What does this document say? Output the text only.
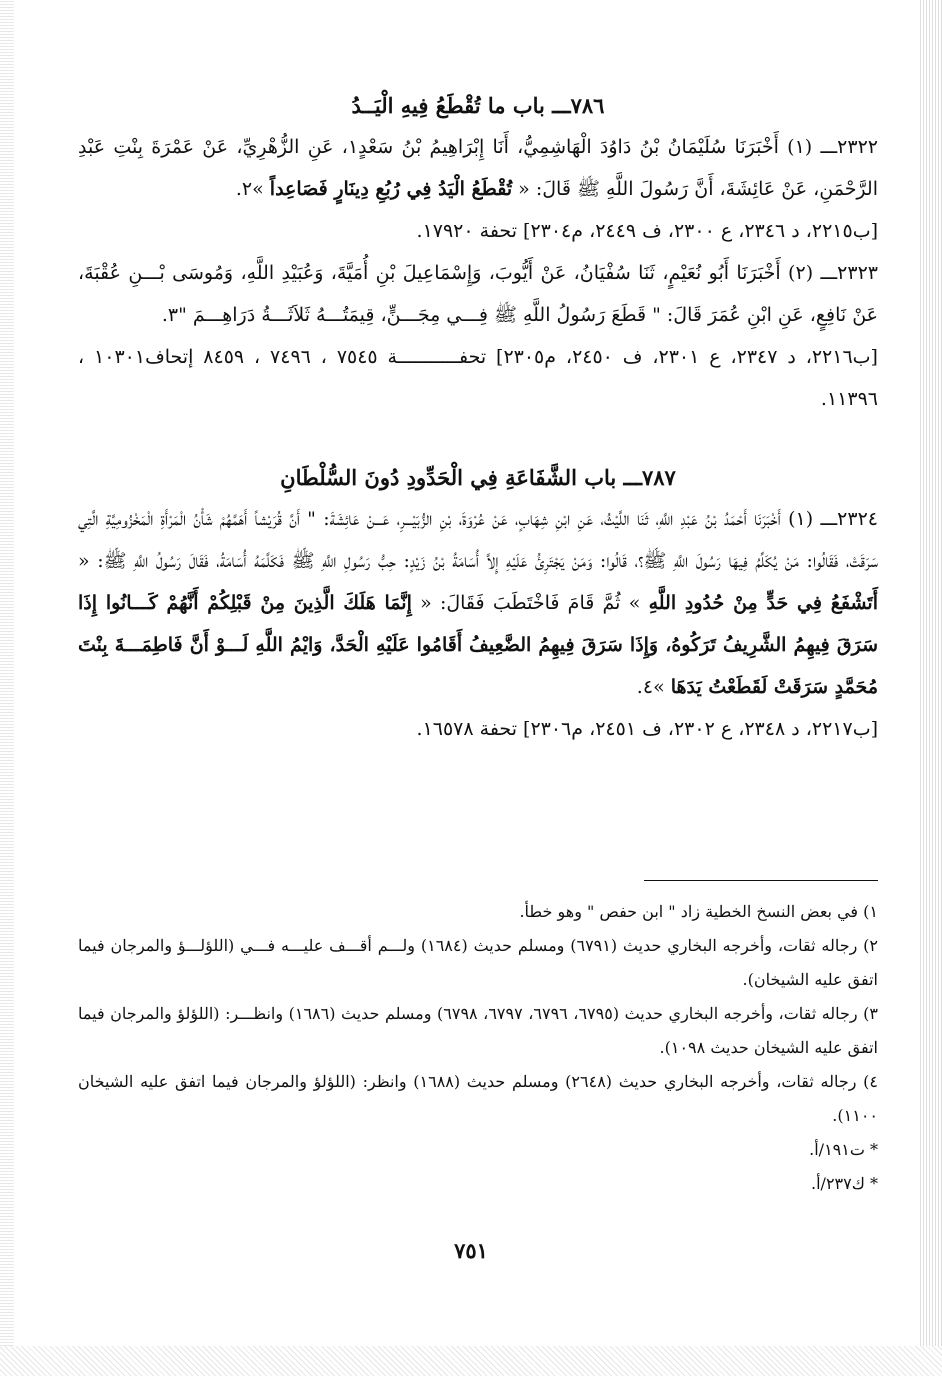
٧٨٦ـــ باب ما تُقْطَعُ فِيهِ الْيَــدُ

٢٣٢٢ـــ (١) أَخْبَرَنَا سُلَيْمَانُ بْنُ دَاوُدَ الْهَاشِمِيُّ، أَنَا إِبْرَاهِيمُ بْنُ سَعْدٍ١، عَنِ الزُّهْرِيِّ، عَنْ عَمْرَةَ بِنْتِ عَبْدِ الرَّحْمَنِ، عَنْ عَائِشَةَ، أَنَّ رَسُولَ اللَّهِ ﷺ قَالَ: « تُقْطَعُ الْيَدُ فِي رُبُعِ دِينَارٍ فَصَاعِداً »٢.

[ب٢٢١٥، د ٢٣٤٦، ع ٢٣٠٠، ف ٢٤٤٩، م٢٣٠٤] تحفة ١٧٩٢٠.

٢٣٢٣ـــ (٢) أَخْبَرَنَا أَبُو نُعَيْمٍ، ثَنَا سُفْيَانُ، عَنْ أَيُّوبَ، وَإِسْمَاعِيلَ بْنِ أُمَيَّةَ، وَعُبَيْدِ اللَّهِ، وَمُوسَى بْـــنِ عُقْبَةَ، عَنْ نَافِعٍ، عَنِ ابْنِ عُمَرَ قَالَ: " قَطَعَ رَسُولُ اللَّهِ ﷺ فِـــي مِجَـــنٍّ، قِيمَتُـــهُ ثَلاَثَـــةُ دَرَاهِـــمَ "٣.

[ب٢٢١٦، د ٢٣٤٧، ع ٢٣٠١، ف ٢٤٥٠، م٢٣٠٥] تحفـــــــــــة ٧٥٤٥ ، ٧٤٩٦ ، ٨٤٥٩ إتحاف١٠٣٠١ ، ١١٣٩٦.

٧٨٧ـــ باب الشَّفَاعَةِ فِي الْحَدِّودِ دُونَ السُّلْطَانِ

٢٣٢٤ـــ (١) أَخْبَرَنَا أَحْمَدُ بْنُ عَبْدِ اللَّهِ، ثَنَا اللَّيْثُ، عَنِ ابْنِ شِهَابٍ، عَنْ عُرْوَةَ، بْنِ الزُّبَيْـــرِ، عَـــنْ عَائِشَةَ: " أَنَّ قُرَيْشاً أَهَمَّهُمْ شَأْنُ الْمَرْأَةِ الْمَخْزُومِيَّةِ الَّتِي سَرَقَتْ، فَقَالُوا: مَنْ يُكَلِّمُ فِيهَا رَسُولَ اللَّهِ ﷺ؟، قَالُوا: وَمَنْ يَجْتَرِئُ عَلَيْهِ إِلاَّ أُسَامَةُ بْنُ زَيْدٍ: حِبُّ رَسُولِ اللَّهِ ﷺ فَكَلَّمَهُ أُسَامَةُ، فَقَالَ رَسُولُ اللَّهِ ﷺ: « أَتَشْفَعُ فِي حَدٍّ مِنْ حُدُودِ اللَّهِ » ثُمَّ قَامَ فَاخْتَطَبَ فَقَالَ: « إِنَّمَا هَلَكَ الَّذِينَ مِنْ قَبْلِكُمْ أَنَّهُمْ كَـــانُوا إِذَا سَرَقَ فِيهِمُ الشَّرِيفُ تَرَكُوهُ، وَإِذَا سَرَقَ فِيهِمُ الضَّعِيفُ أَقَامُوا عَلَيْهِ الْحَدَّ، وَايْمُ اللَّهِ لَـــوْ أَنَّ فَاطِمَـــةَ بِنْتَ مُحَمَّدٍ سَرَقَتْ لَقَطَعْتُ يَدَهَا »٤.

[ب٢٢١٧، د ٢٣٤٨، ع ٢٣٠٢، ف ٢٤٥١، م٢٣٠٦] تحفة ١٦٥٧٨.

١) في بعض النسخ الخطية زاد " ابن حفص " وهو خطأ.

٢) رجاله ثقات، وأخرجه البخاري حديث (٦٧٩١) ومسلم حديث (١٦٨٤) ولـــم أقـــف عليـــه فـــي (اللؤلـــؤ والمرجان فيما اتفق عليه الشيخان).

٣) رجاله ثقات، وأخرجه البخاري حديث (٦٧٩٥، ٦٧٩٦، ٦٧٩٧، ٦٧٩٨) ومسلم حديث (١٦٨٦) وانظـــر: (اللؤلؤ والمرجان فيما اتفق عليه الشيخان حديث ١٠٩٨).

٤) رجاله ثقات، وأخرجه البخاري حديث (٢٦٤٨) ومسلم حديث (١٦٨٨) وانظر: (اللؤلؤ والمرجان فيما اتفق عليه الشيخان ١١٠٠).

* ت١٩١/أ.

* ك٢٣٧/أ.

٧٥١
